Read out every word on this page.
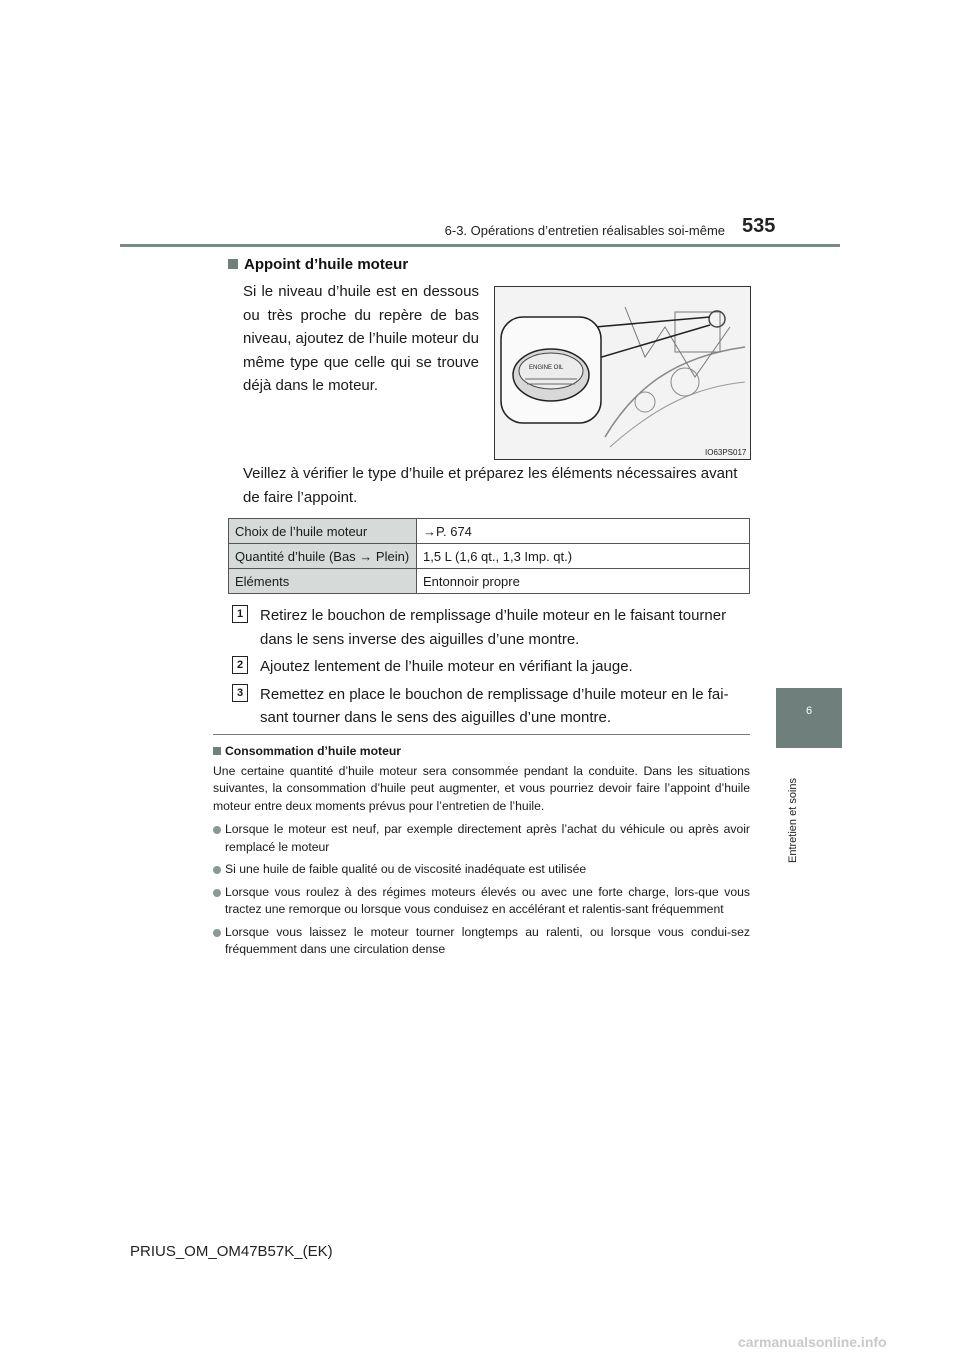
6-3. Opérations d’entretien réalisables soi-même 535
6
Entretien et soins
Appoint d’huile moteur
Si le niveau d’huile est en dessous ou très proche du repère de bas niveau, ajoutez de l’huile moteur du même type que celle qui se trouve déjà dans le moteur.
ENGINE OIL
IO63PS017
Veillez à vérifier le type d’huile et préparez les éléments nécessaires avant de faire l’appoint.
Choix de l’huile moteur	→P. 674
Quantité d’huile (Bas → Plein)	1,5 L (1,6 qt., 1,3 Imp. qt.)
Eléments	Entonnoir propre
1	Retirez le bouchon de remplissage d’huile moteur en le faisant tourner dans le sens inverse des aiguilles d’une montre.
2	Ajoutez lentement de l’huile moteur en vérifiant la jauge.
3	Remettez en place le bouchon de remplissage d’huile moteur en le fai-sant tourner dans le sens des aiguilles d’une montre.
Consommation d’huile moteur

Une certaine quantité d’huile moteur sera consommée pendant la conduite. Dans les situations suivantes, la consommation d’huile peut augmenter, et vous pourriez devoir faire l’appoint d’huile moteur entre deux moments prévus pour l’entretien de l’huile.

Lorsque le moteur est neuf, par exemple directement après l’achat du véhicule ou après avoir remplacé le moteur
Si une huile de faible qualité ou de viscosité inadéquate est utilisée
Lorsque vous roulez à des régimes moteurs élevés ou avec une forte charge, lors-que vous tractez une remorque ou lorsque vous conduisez en accélérant et ralentis-sant fréquemment
Lorsque vous laissez le moteur tourner longtemps au ralenti, ou lorsque vous condui-sez fréquemment dans une circulation dense
PRIUS_OM_OM47B57K_(EK)
carmanualsonline.info
